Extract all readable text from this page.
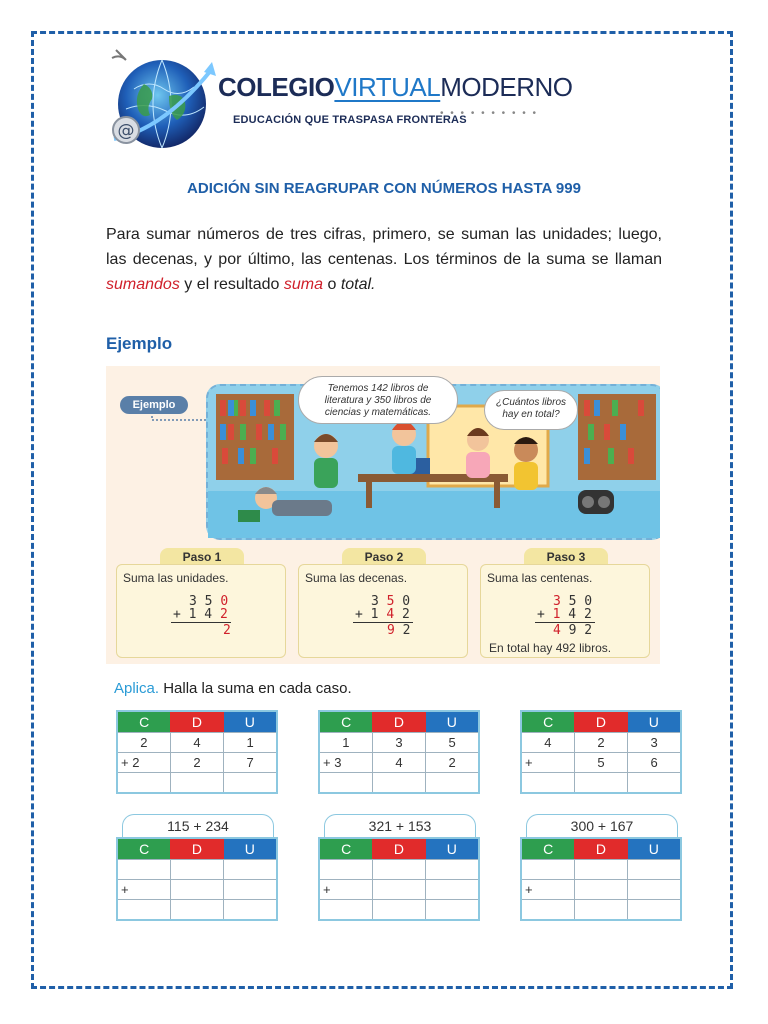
@
COLEGIOVIRTUALMODERNO
EDUCACIÓN QUE TRASPASA FRONTERAS
• • • • • • • • • •
ADICIÓN SIN REAGRUPAR CON NÚMEROS HASTA 999
Para sumar números de tres cifras, primero, se suman las unidades; luego, las decenas, y por último, las centenas. Los términos de la suma se llaman sumandos y el resultado suma o total.
Ejemplo
Ejemplo
Tenemos 142 libros de literatura y 350 libros de ciencias y matemáticas.
¿Cuántos libros hay en total?
Paso 1
Suma las unidades.
3 5 0
+ 1 4 2
2
Paso 2
Suma las decenas.
3 5 0
+ 1 4 2
9 2
Paso 3
Suma las centenas.
3 5 0
+ 1 4 2
4 9 2
En total hay 492 libros.
Aplica. Halla la suma en cada caso.
C	D	U
2	4	1
+ 2	2	7

C	D	U
1	3	5
+ 3	4	2

C	D	U
4	2	3
+	5	6

115 + 234
C	D	U

+		

321 + 153
C	D	U

+		

300 + 167
C	D	U

+		
